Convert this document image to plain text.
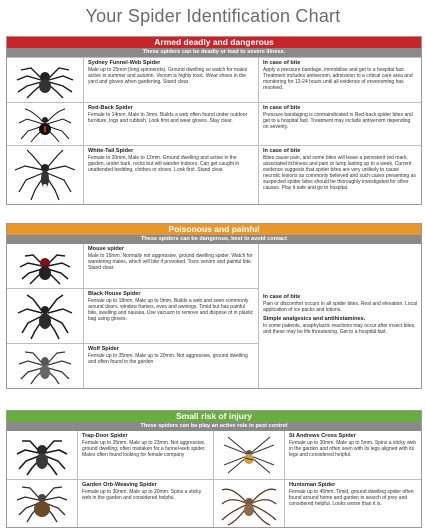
Your Spider Identification Chart
Armed deadly and dangerous
These spiders can be deadly or lead to severe illness.
Sydney Funnel-Web Spider
Male up to 25mm (long spinnerets). Ground dwelling so watch for males active in summer and autumn. Venom is highly toxic. Wear shoes in the yard and gloves when gardening. Stand clear.
In case of bite
Apply a pressure bandage, immobilise and get to a hospital fast. Treatment includes antivenom, admission to a critical care area and monitoring for 12-24 hours until all evidence of envenoming has resolved.
Red-Back Spider
Female to 14mm, Male to 3mm. Builds a web often found under outdoor furniture, logs and rubbish. Look first and wear gloves. Stay clear.
In case of bite
Pressure bandaging is contraindicated in Red-back spider bites and get to a hospital fast. Treatment may include antivenom depending on severity.
White-Tail Spider
Female to 20mm, Male to 12mm. Ground dwelling and active in the garden, under bark, rocks but will wander indoors. Can get caught in unattended bedding, clothes or shoes. Look first. Stand clear.
In case of bite
Bites cause pain, and some bites will leave a persistent red mark, associated itchiness and pain or lump lasting up to a week. Current evidence suggests that spider bites are very unlikely to cause necrotic lesions as commonly believed and such cases presenting as suspected spider bites should be thoroughly investigated for other causes. Play it safe and go to hospital.
Poisonous and painful
These spiders can be dangerous, best to avoid contact
Mouse spider
Male to 15mm. Normally not aggressive, ground dwelling spider. Watch for wandering males, which will bite if provoked. Toxic venom and painful bite. Stand clear.
Black House Spider
Female up to 18mm. Male up to 9mm. Builds a web and seen commonly around doors, window frames, eves and awnings. Timid but has painful bite, swelling and nausea. Use vacuum to remove and dispose of in plastic bag using gloves.
Wolf Spider
Female up to 35mm. Male up to 20mm. Not aggressive, ground dwelling and often found in the garden
In case of bite
Pain or discomfort occurs in all spider bites. Rest and elevation. Local application of ice packs and lotions.
Simple analgesics and antihistamines.
In some patients, anaphylactic reactions may occur after insect bites, and these may be life threatening. Get to a hospital fast.
Small risk of injury
These spiders can be play an active role in pest control
Trap-Door Spider
Female up to 35mm. Male up to 23mm. Not aggressive, ground dwelling, often mistaken for a funnel-web spider. Males often found looking for female company
St Andrews Cross Spider
Female up to 30mm. Male up to 5mm. Spins a sticky web in the garden and often seen with its legs aligned with its legs and considered helpful.
Garden Orb-Weaving Spider
Female up to 30mm. Male up to 20mm. Spins a sticky web in the garden and considered helpful.
Huntsman Spider
Female up to 45mm. Timid, ground dwelling spider often found around home and garden in search of prey and considered helpful. Looks worse than it is.
